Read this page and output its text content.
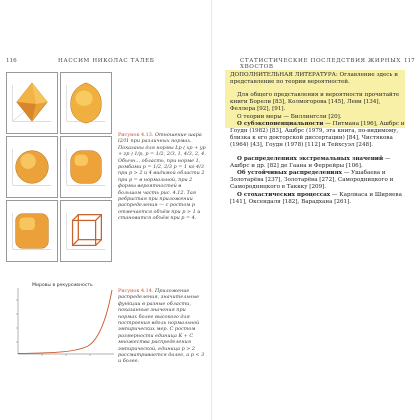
116	НАССИМ НИКОЛАС ТАЛЕБ
Рисунок 4.13. Отношение шара l2/l1 при различных нормах. Показаны для нормы Lp ( xp + yp + zp ) 1/p, p = 1/2, 2/3, 1, 4/3, 2, 4. Обычн… область, при норме 1, ромбами p = 1/2, 2/3 p = 1 ко 4/3 при p > 2 и 4 видимой области 2 при p = в нормальной, при 2 формы вероятностей в большом часть рис. 4.12. Тая ребристая при приложении распределения — с ростом p отмечается объём при p > 1 и становится объём при p = 4.
Мировы в рекурсивность
Рисунок 4.14. Приложение распределения, значительные функции в разные области, показанные значения при нормах более высокого для построения вдоль нормальной эмпирических мер. С ростом размерности единица К + С множества распределения эмпирической, единица p > 2 рассматривается далее, а p < 3 и более.
СТАТИСТИЧЕСКИЕ ПОСЛЕДСТВИЯ ЖИРНЫХ ХВОСТОВ
117
ДОПОЛНИТЕЛЬНАЯ ЛИТЕРАТУРА: Оглавление здесь и представление по теории вероятностей.

Для общего представления и вероятности прочитайте книги Борели [83], Колмогорова [145], Леви [134], Феллера [92], [91].

О теории меры — Биллингсли [20].

О субэкспоненциальности — Питмана [196], Ашбрс и Гоудн (1982) [83], Ашбрс (1979, эта книга, по-видимому, близка к его докторской диссертации) [84], Чистякова (1964) [43], Гоудн (1978) [112] и Тейхсуэл [248].

О распределениях экстремальных значений — Ашбрс и др. [82] де Гаана и Феррейры [106].

Об устойчивых распределениях — Ушабаева и Золотарёва [237], Золотарёва [272], Самородницкого и Самородницкого в Таккку [209].

О стохастических процессах — Карлиаса и Ширяева [141], Оксендаля [182], Варадхана [261].
